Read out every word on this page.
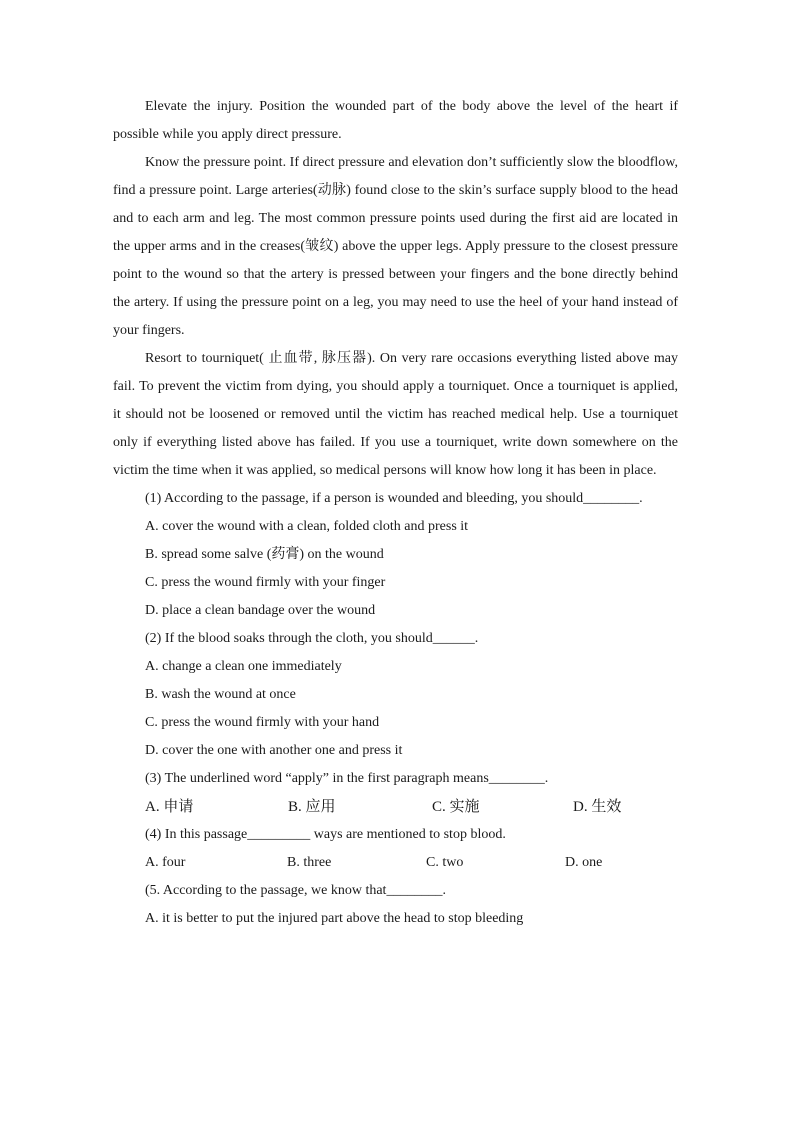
Elevate the injury. Position the wounded part of the body above the level of the heart if possible while you apply direct pressure.

Know the pressure point. If direct pressure and elevation don’t sufficiently slow the bloodflow, find a pressure point. Large arteries(动脉) found close to the skin’s surface supply blood to the head and to each arm and leg. The most common pressure points used during the first aid are located in the upper arms and in the creases(皱纹) above the upper legs. Apply pressure to the closest pressure point to the wound so that the artery is pressed between your fingers and the bone directly behind the artery. If using the pressure point on a leg, you may need to use the heel of your hand instead of your fingers.

Resort to tourniquet( 止血带, 脉压器). On very rare occasions everything listed above may fail. To prevent the victim from dying, you should apply a tourniquet. Once a tourniquet is applied, it should not be loosened or removed until the victim has reached medical help. Use a tourniquet only if everything listed above has failed. If you use a tourniquet, write down somewhere on the victim the time when it was applied, so medical persons will know how long it has been in place.

(1) According to the passage, if a person is wounded and bleeding, you should________.

A. cover the wound with a clean, folded cloth and press it

B. spread some salve (药膏) on the wound

C. press the wound firmly with your finger

D. place a clean bandage over the wound

(2) If the blood soaks through the cloth, you should______.

A. change a clean one immediately

B. wash the wound at once

C. press the wound firmly with your hand

D. cover the one with another one and press it

(3) The underlined word “apply” in the first paragraph means________.

A. 申请	B. 应用	C. 实施	D. 生效

(4) In this passage_________ ways are mentioned to stop blood.

A. four	B. three	C. two	D. one

(5. According to the passage, we know that________.

A. it is better to put the injured part above the head to stop bleeding
